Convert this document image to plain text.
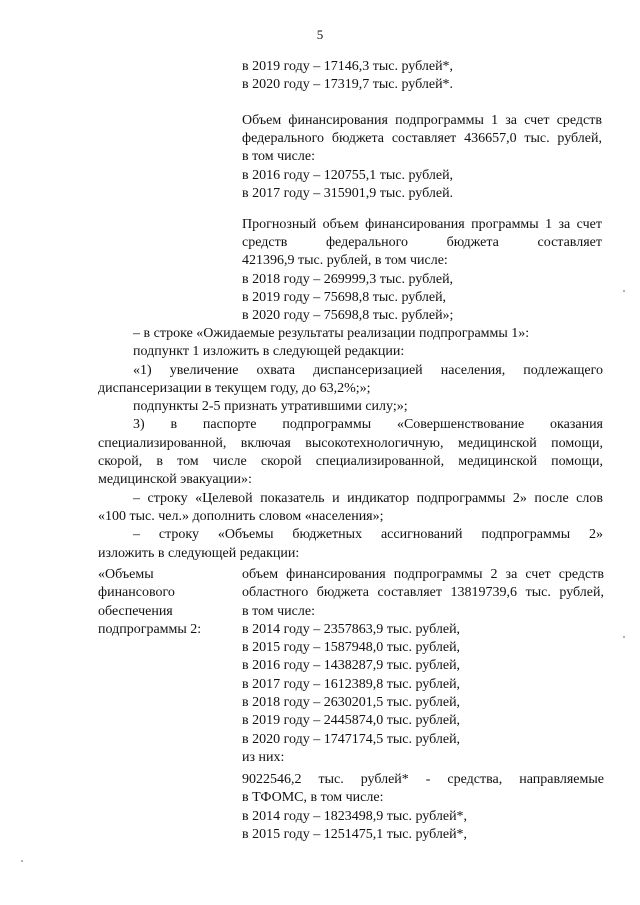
5
в 2019 году – 17146,3 тыс. рублей*,
в 2020 году – 17319,7 тыс. рублей*.
Объем финансирования подпрограммы 1 за счет средств
федерального бюджета составляет 436657,0 тыс. рублей,
в том числе:
в 2016 году – 120755,1 тыс. рублей,
в 2017 году – 315901,9 тыс. рублей.
Прогнозный объем финансирования программы 1 за счет
средств федерального бюджета составляет
421396,9 тыс. рублей, в том числе:
в 2018 году – 269999,3 тыс. рублей,
в 2019 году – 75698,8 тыс. рублей,
в 2020 году – 75698,8 тыс. рублей»;
– в строке «Ожидаемые результаты реализации подпрограммы 1»:
подпункт 1 изложить в следующей редакции:
«1) увеличение охвата диспансеризацией населения, подлежащего
диспансеризации в текущем году, до 63,2%;»;
подпункты 2-5 признать утратившими силу;»;
3) в паспорте подпрограммы «Совершенствование оказания
специализированной, включая высокотехнологичную, медицинской помощи,
скорой, в том числе скорой специализированной, медицинской помощи,
медицинской эвакуации»:
– строку «Целевой показатель и индикатор подпрограммы 2» после слов
«100 тыс. чел.» дополнить словом «населения»;
– строку «Объемы бюджетных ассигнований подпрограммы 2»
изложить в следующей редакции:
«Объемы
финансового
обеспечения
подпрограммы 2:
объем финансирования подпрограммы 2 за счет средств
областного бюджета составляет 13819739,6 тыс. рублей,
в том числе:
в 2014 году – 2357863,9 тыс. рублей,
в 2015 году – 1587948,0 тыс. рублей,
в 2016 году – 1438287,9 тыс. рублей,
в 2017 году – 1612389,8 тыс. рублей,
в 2018 году – 2630201,5 тыс. рублей,
в 2019 году – 2445874,0 тыс. рублей,
в 2020 году – 1747174,5 тыс. рублей,
из них:
9022546,2 тыс. рублей* - средства, направляемые
в ТФОМС, в том числе:
в 2014 году – 1823498,9 тыс. рублей*,
в 2015 году – 1251475,1 тыс. рублей*,
